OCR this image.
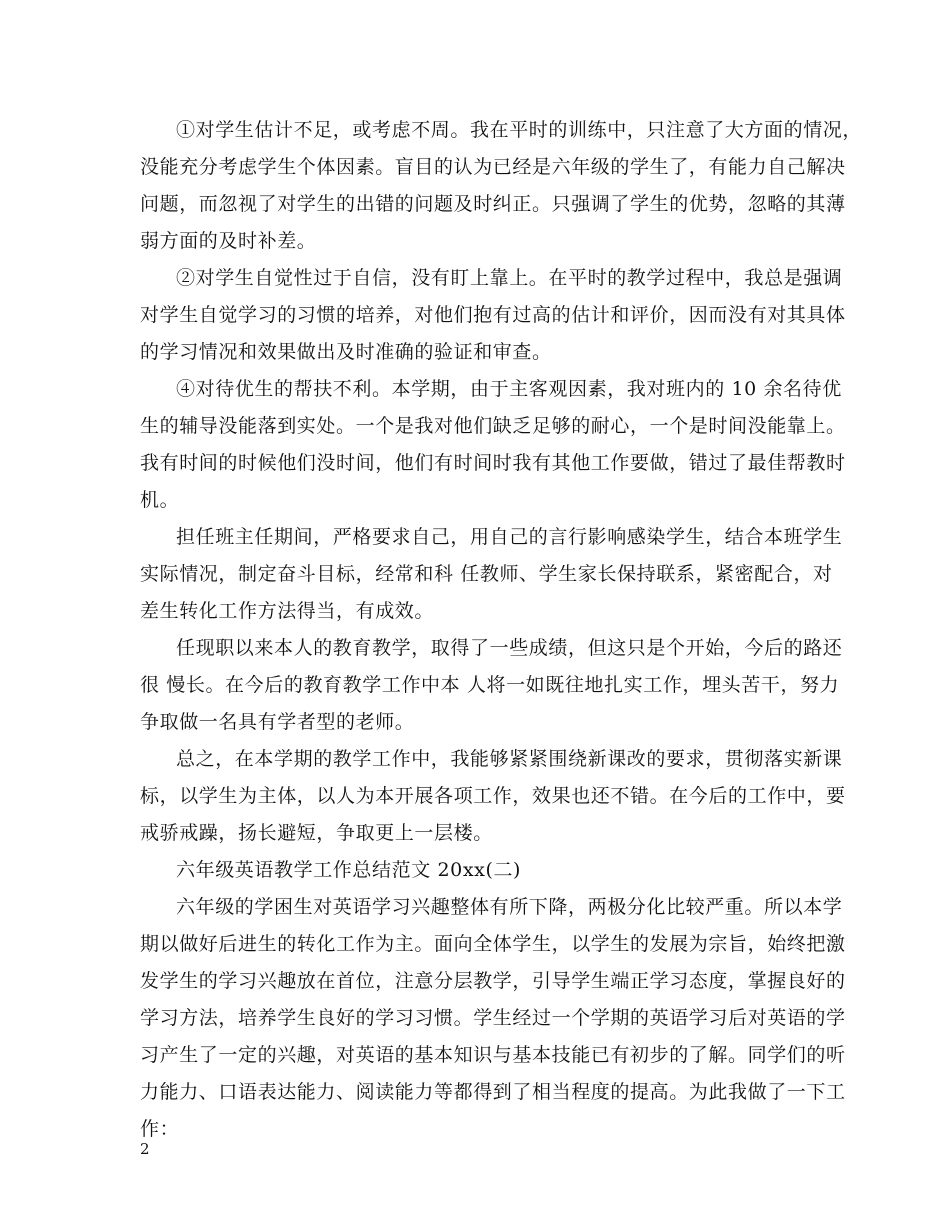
①对学生估计不足，或考虑不周。我在平时的训练中，只注意了大方面的情况，
没能充分考虑学生个体因素。盲目的认为已经是六年级的学生了，有能力自己解决
问题，而忽视了对学生的出错的问题及时纠正。只强调了学生的优势，忽略的其薄
弱方面的及时补差。

②对学生自觉性过于自信，没有盯上靠上。在平时的教学过程中，我总是强调
对学生自觉学习的习惯的培养，对他们抱有过高的估计和评价，因而没有对其具体
的学习情况和效果做出及时准确的验证和审查。

④对待优生的帮扶不利。本学期，由于主客观因素，我对班内的 10 余名待优
生的辅导没能落到实处。一个是我对他们缺乏足够的耐心，一个是时间没能靠上。
我有时间的时候他们没时间，他们有时间时我有其他工作要做，错过了最佳帮教时
机。

担任班主任期间，严格要求自己，用自己的言行影响感染学生，结合本班学生
实际情况，制定奋斗目标，经常和科 任教师、学生家长保持联系，紧密配合，对
差生转化工作方法得当，有成效。

任现职以来本人的教育教学，取得了一些成绩，但这只是个开始，今后的路还
很 慢长。在今后的教育教学工作中本 人将一如既往地扎实工作，埋头苦干，努力
争取做一名具有学者型的老师。

总之，在本学期的教学工作中，我能够紧紧围绕新课改的要求，贯彻落实新课
标，以学生为主体，以人为本开展各项工作，效果也还不错。在今后的工作中，要
戒骄戒躁，扬长避短，争取更上一层楼。

六年级英语教学工作总结范文 20xx(二)

六年级的学困生对英语学习兴趣整体有所下降，两极分化比较严重。所以本学
期以做好后进生的转化工作为主。面向全体学生，以学生的发展为宗旨，始终把激
发学生的学习兴趣放在首位，注意分层教学，引导学生端正学习态度，掌握良好的
学习方法，培养学生良好的学习习惯。学生经过一个学期的英语学习后对英语的学
习产生了一定的兴趣，对英语的基本知识与基本技能已有初步的了解。同学们的听
力能力、口语表达能力、阅读能力等都得到了相当程度的提高。为此我做了一下工
作：

2
